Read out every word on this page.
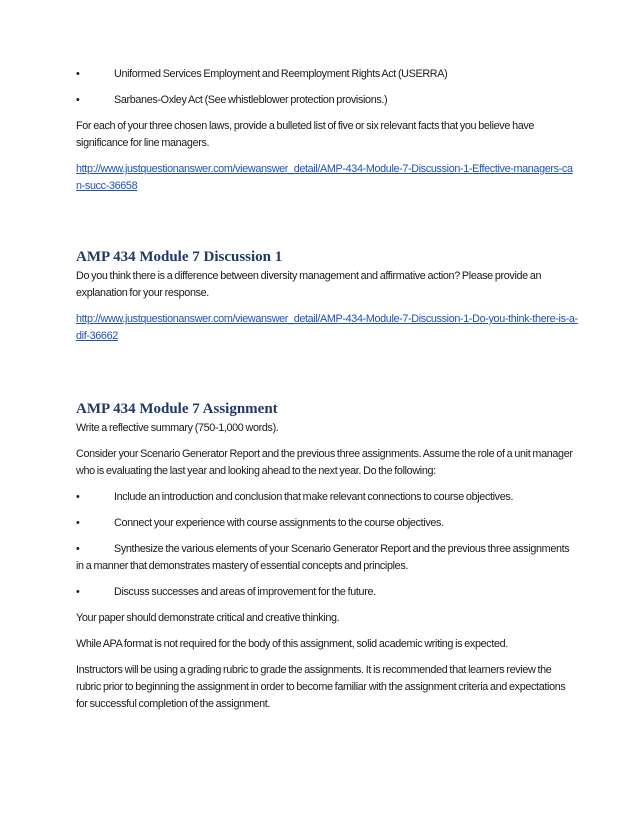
•	Uniformed Services Employment and Reemployment Rights Act (USERRA)
•	Sarbanes-Oxley Act (See whistleblower protection provisions.)

For each of your three chosen laws, provide a bulleted list of five or six relevant facts that you believe have significance for line managers.

http://www.justquestionanswer.com/viewanswer_detail/AMP-434-Module-7-Discussion-1-Effective-managers-can-succ-36658

AMP 434 Module 7 Discussion 1

Do you think there is a difference between diversity management and affirmative action? Please provide an explanation for your response.

http://www.justquestionanswer.com/viewanswer_detail/AMP-434-Module-7-Discussion-1-Do-you-think-there-is-a-dif-36662

AMP 434 Module 7 Assignment

Write a reflective summary (750-1,000 words).

Consider your Scenario Generator Report and the previous three assignments. Assume the role of a unit manager who is evaluating the last year and looking ahead to the next year. Do the following:

•	Include an introduction and conclusion that make relevant connections to course objectives.
•	Connect your experience with course assignments to the course objectives.
•	Synthesize the various elements of your Scenario Generator Report and the previous three assignments in a manner that demonstrates mastery of essential concepts and principles.
•	Discuss successes and areas of improvement for the future.

Your paper should demonstrate critical and creative thinking.

While APA format is not required for the body of this assignment, solid academic writing is expected.

Instructors will be using a grading rubric to grade the assignments. It is recommended that learners review the rubric prior to beginning the assignment in order to become familiar with the assignment criteria and expectations for successful completion of the assignment.
